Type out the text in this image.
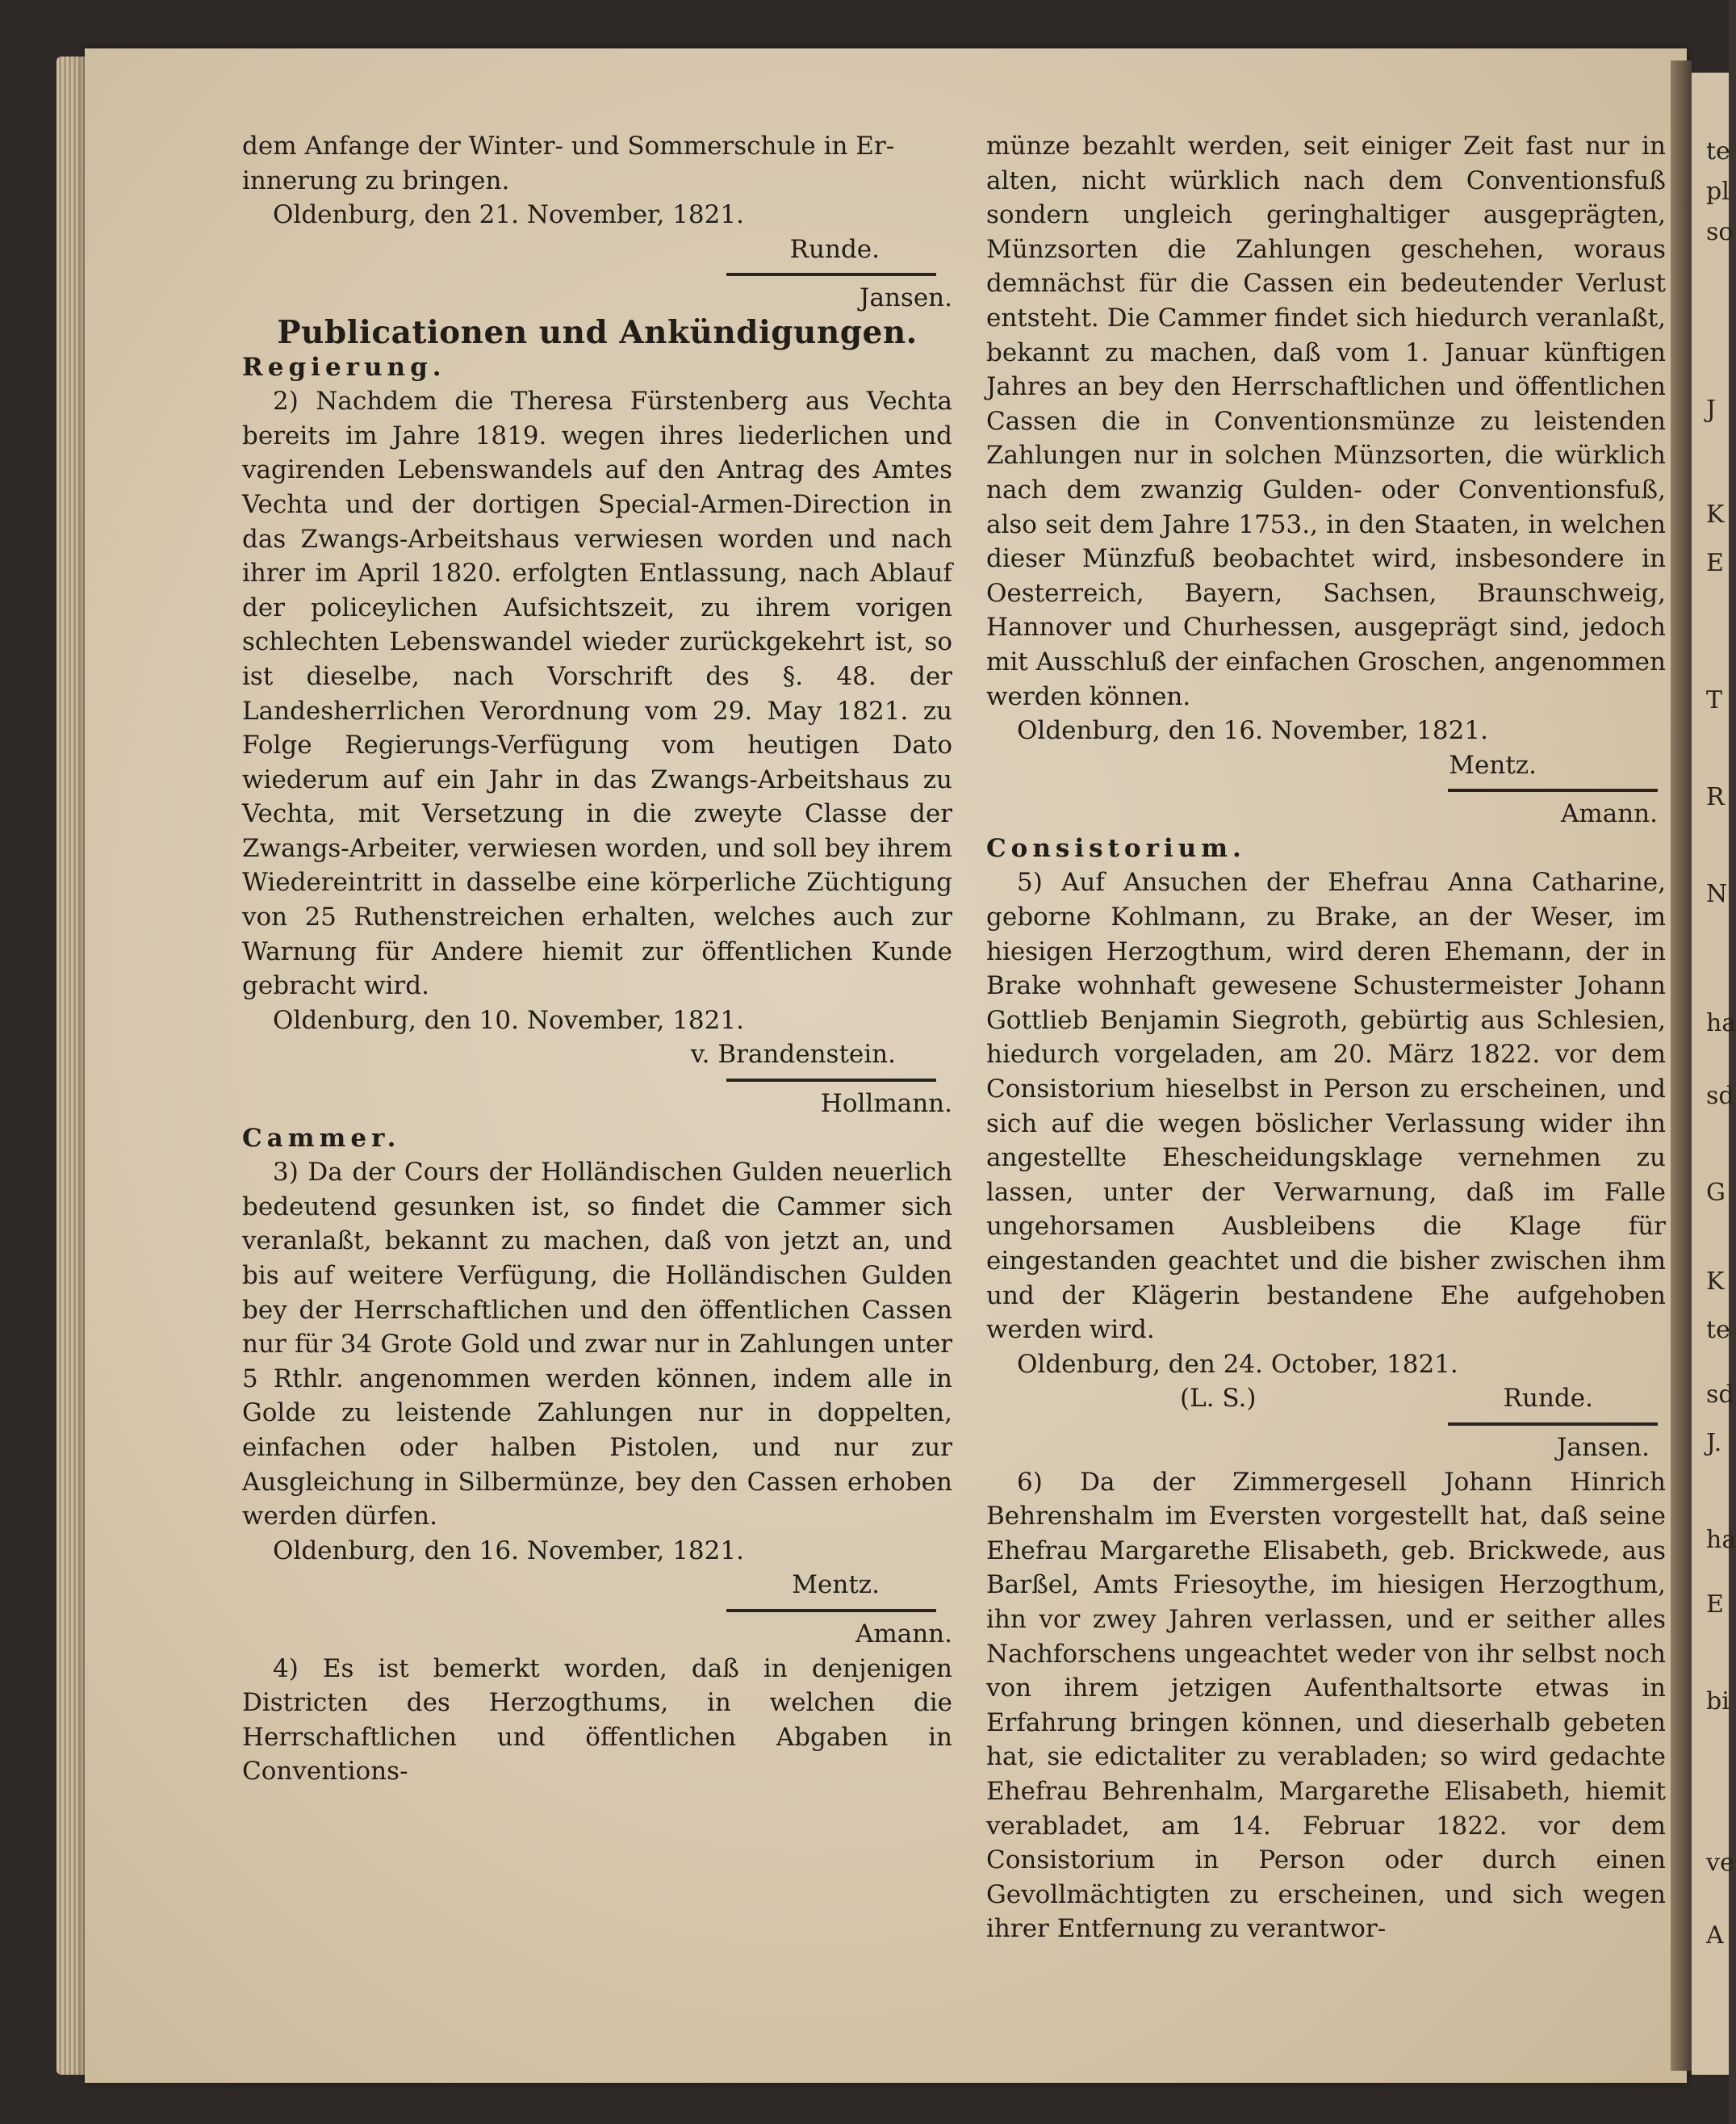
te
pl
so
J
K
E
T
R
N
ha
sd
G
K
te
sd
J.
ha
E
bi
ve
A

dem Anfange der Winter- und Sommerschule in Er-

innerung zu bringen.

Oldenburg, den 21. November, 1821.

Runde.

Jansen.

Publicationen und Ankündigungen.

Regierung.

2) Nachdem die Theresa Fürstenberg aus Vechta bereits im Jahre 1819. wegen ihres liederlichen und vagirenden Lebenswandels auf den Antrag des Amtes Vechta und der dortigen Special-Armen-Direction in das Zwangs-Arbeitshaus verwiesen worden und nach ihrer im April 1820. erfolgten Entlassung, nach Ablauf der policeylichen Aufsichtszeit, zu ihrem vorigen schlechten Lebenswandel wieder zurückgekehrt ist, so ist dieselbe, nach Vorschrift des §. 48. der Landesherrlichen Verordnung vom 29. May 1821. zu Folge Regierungs-Verfügung vom heutigen Dato wiederum auf ein Jahr in das Zwangs-Arbeitshaus zu Vechta, mit Versetzung in die zweyte Classe der Zwangs-Arbeiter, verwiesen worden, und soll bey ihrem Wiedereintritt in dasselbe eine körperliche Züchtigung von 25 Ruthenstreichen erhalten, welches auch zur Warnung für Andere hiemit zur öffentlichen Kunde gebracht wird.

Oldenburg, den 10. November, 1821.

v. Brandenstein.

Hollmann.

Cammer.

3) Da der Cours der Holländischen Gulden neuerlich bedeutend gesunken ist, so findet die Cammer sich veranlaßt, bekannt zu machen, daß von jetzt an, und bis auf weitere Verfügung, die Holländischen Gulden bey der Herrschaftlichen und den öffentlichen Cassen nur für 34 Grote Gold und zwar nur in Zahlungen unter 5 Rthlr. angenommen werden können, indem alle in Golde zu leistende Zahlungen nur in doppelten, einfachen oder halben Pistolen, und nur zur Ausgleichung in Silbermünze, bey den Cassen erhoben werden dürfen.

Oldenburg, den 16. November, 1821.

Mentz.

Amann.

4) Es ist bemerkt worden, daß in denjenigen Districten des Herzogthums, in welchen die Herrschaftlichen und öffentlichen Abgaben in Conventions-

münze bezahlt werden, seit einiger Zeit fast nur in alten, nicht würklich nach dem Conventionsfuß sondern ungleich geringhaltiger ausgeprägten, Münzsorten die Zahlungen geschehen, woraus demnächst für die Cassen ein bedeutender Verlust entsteht. Die Cammer findet sich hiedurch veranlaßt, bekannt zu machen, daß vom 1. Januar künftigen Jahres an bey den Herrschaftlichen und öffentlichen Cassen die in Conventionsmünze zu leistenden Zahlungen nur in solchen Münzsorten, die würklich nach dem zwanzig Gulden- oder Conventionsfuß, also seit dem Jahre 1753., in den Staaten, in welchen dieser Münzfuß beobachtet wird, insbesondere in Oesterreich, Bayern, Sachsen, Braunschweig, Hannover und Churhessen, ausgeprägt sind, jedoch mit Ausschluß der einfachen Groschen, angenommen werden können.

Oldenburg, den 16. November, 1821.

Mentz.

Amann.

Consistorium.

5) Auf Ansuchen der Ehefrau Anna Catharine, geborne Kohlmann, zu Brake, an der Weser, im hiesigen Herzogthum, wird deren Ehemann, der in Brake wohnhaft gewesene Schustermeister Johann Gottlieb Benjamin Siegroth, gebürtig aus Schlesien, hiedurch vorgeladen, am 20. März 1822. vor dem Consistorium hieselbst in Person zu erscheinen, und sich auf die wegen böslicher Verlassung wider ihn angestellte Ehescheidungsklage vernehmen zu lassen, unter der Verwarnung, daß im Falle ungehorsamen Ausbleibens die Klage für eingestanden geachtet und die bisher zwischen ihm und der Klägerin bestandene Ehe aufgehoben werden wird.

Oldenburg, den 24. October, 1821.

(L. S.)	Runde.

Jansen.

6) Da der Zimmergesell Johann Hinrich Behrenshalm im Eversten vorgestellt hat, daß seine Ehefrau Margarethe Elisabeth, geb. Brickwede, aus Barßel, Amts Friesoythe, im hiesigen Herzogthum, ihn vor zwey Jahren verlassen, und er seither alles Nachforschens ungeachtet weder von ihr selbst noch von ihrem jetzigen Aufenthaltsorte etwas in Erfahrung bringen können, und dieserhalb gebeten hat, sie edictaliter zu verabladen; so wird gedachte Ehefrau Behrenhalm, Margarethe Elisabeth, hiemit verabladet, am 14. Februar 1822. vor dem Consistorium in Person oder durch einen Gevollmächtigten zu erscheinen, und sich wegen ihrer Entfernung zu verantwor-
